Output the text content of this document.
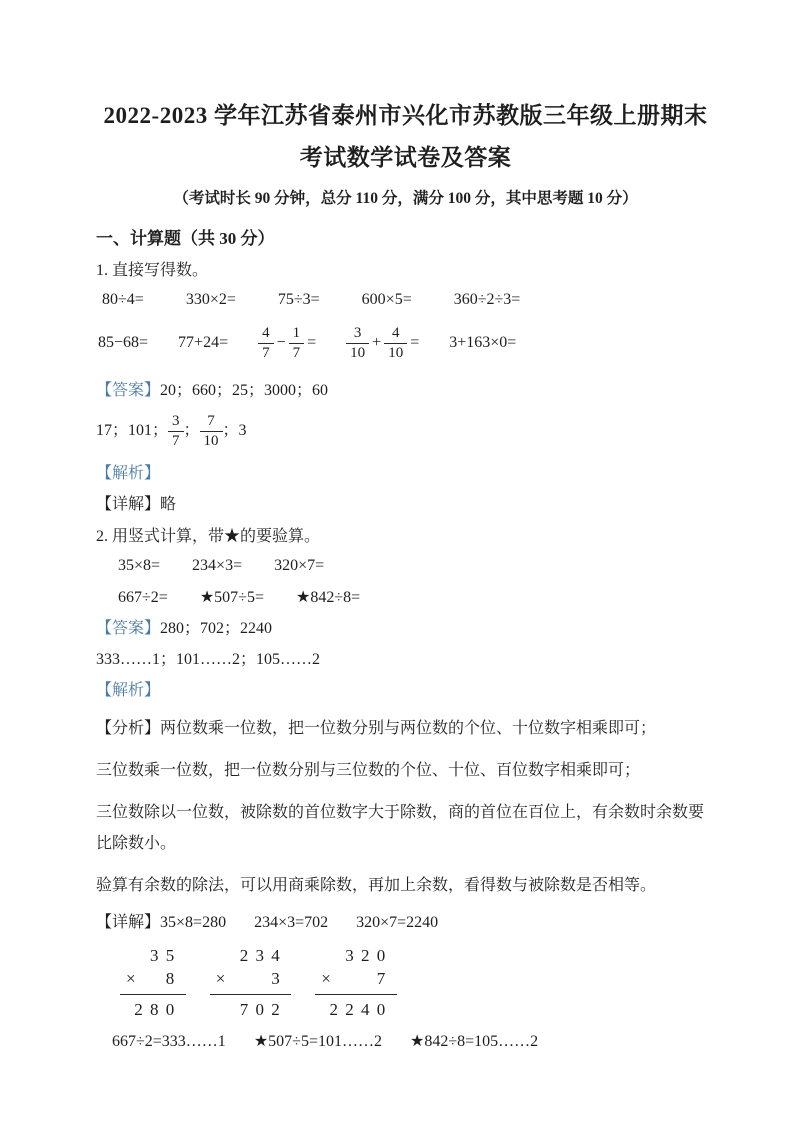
2022-2023 学年江苏省泰州市兴化市苏教版三年级上册期末

考试数学试卷及答案

（考试时长 90 分钟，总分 110 分，满分 100 分，其中思考题 10 分）

一、计算题（共 30 分）

1. 直接写得数。

80÷4=	330×2=	75÷3=	600×5=	360÷2÷3=
$85-68= 77+24= \frac{4}{7} - \frac{1}{7} = \frac{3}{10} + \frac{4}{10} = 3+163\times 0=$

【答案】20；660；25；3000；60

17；101； $\frac{3}{7}$ ； $\frac{7}{10}$ ；3

【解析】

【详解】略

2. 用竖式计算，带★的要验算。

35×8= 234×3= 320×7=
667÷2= ★507÷5= ★842÷8=

【答案】280；702；2240

333……1；101……2；105……2

【解析】

【分析】两位数乘一位数，把一位数分别与两位数的个位、十位数字相乘即可；

三位数乘一位数，把一位数分别与三位数的个位、十位、百位数字相乘即可；

三位数除以一位数，被除数的首位数字大于除数，商的首位在百位上，有余数时余数要比除数小。

验算有余数的除法，可以用商乘除数，再加上余数，看得数与被除数是否相等。

【详解】 35×8=280 234×3=702 320×7=2240

3 5
× 8
2 8 0
2 3 4
×	3
7 0 2
3 2 0
×	7
2 2 4 0
667÷2=333……1 ★507÷5=101……2 ★842÷8=105……2
